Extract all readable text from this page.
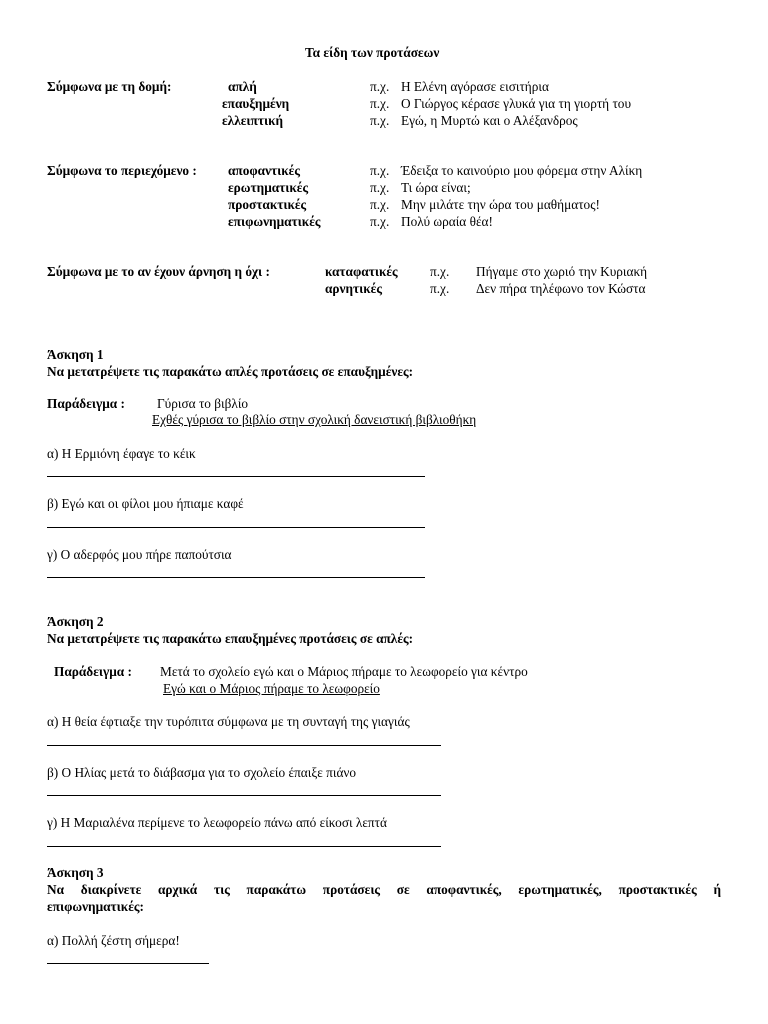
Τα είδη των προτάσεων
Σύμφωνα με τη δομή:	απλή	π.χ. Η Ελένη αγόρασε εισιτήρια
επαυξημένη	π.χ. Ο Γιώργος κέρασε γλυκά για τη γιορτή του
ελλειπτική	π.χ. Εγώ, η Μυρτώ και ο Αλέξανδρος
Σύμφωνα το περιεχόμενο : αποφαντικές	π.χ. Έδειξα το καινούριο μου φόρεμα στην Αλίκη
ερωτηματικές	π.χ. Τι ώρα είναι;
προστακτικές	π.χ. Μην μιλάτε την ώρα του μαθήματος!
επιφωνηματικές	π.χ. Πολύ ωραία θέα!
Σύμφωνα με το αν έχουν άρνηση η όχι :	καταφατικές π.χ. Πήγαμε στο χωριό την Κυριακή
αρνητικές	π.χ. Δεν πήρα τηλέφωνο τον Κώστα
Άσκηση 1
Να μετατρέψετε τις παρακάτω απλές προτάσεις σε επαυξημένες:
Παράδειγμα : Γύρισα το βιβλίο
Εχθές γύρισα το βιβλίο στην σχολική δανειστική βιβλιοθήκη
α) Η Ερμιόνη έφαγε το κέικ
β) Εγώ και οι φίλοι μου ήπιαμε καφέ
γ) Ο αδερφός μου πήρε παπούτσια
Άσκηση 2
Να μετατρέψετε τις παρακάτω επαυξημένες προτάσεις σε απλές:
Παράδειγμα : Μετά το σχολείο εγώ και ο Μάριος πήραμε το λεωφορείο για κέντρο
Εγώ και ο Μάριος πήραμε το λεωφορείο
α) Η θεία έφτιαξε την τυρόπιτα σύμφωνα με τη συνταγή της γιαγιάς
β) Ο Ηλίας μετά το διάβασμα για το σχολείο έπαιξε πιάνο
γ) Η Μαριαλένα περίμενε το λεωφορείο πάνω από είκοσι λεπτά
Άσκηση 3
Να διακρίνετε αρχικά τις παρακάτω προτάσεις σε αποφαντικές, ερωτηματικές, προστακτικές ή
επιφωνηματικές:
α) Πολλή ζέστη σήμερα!
